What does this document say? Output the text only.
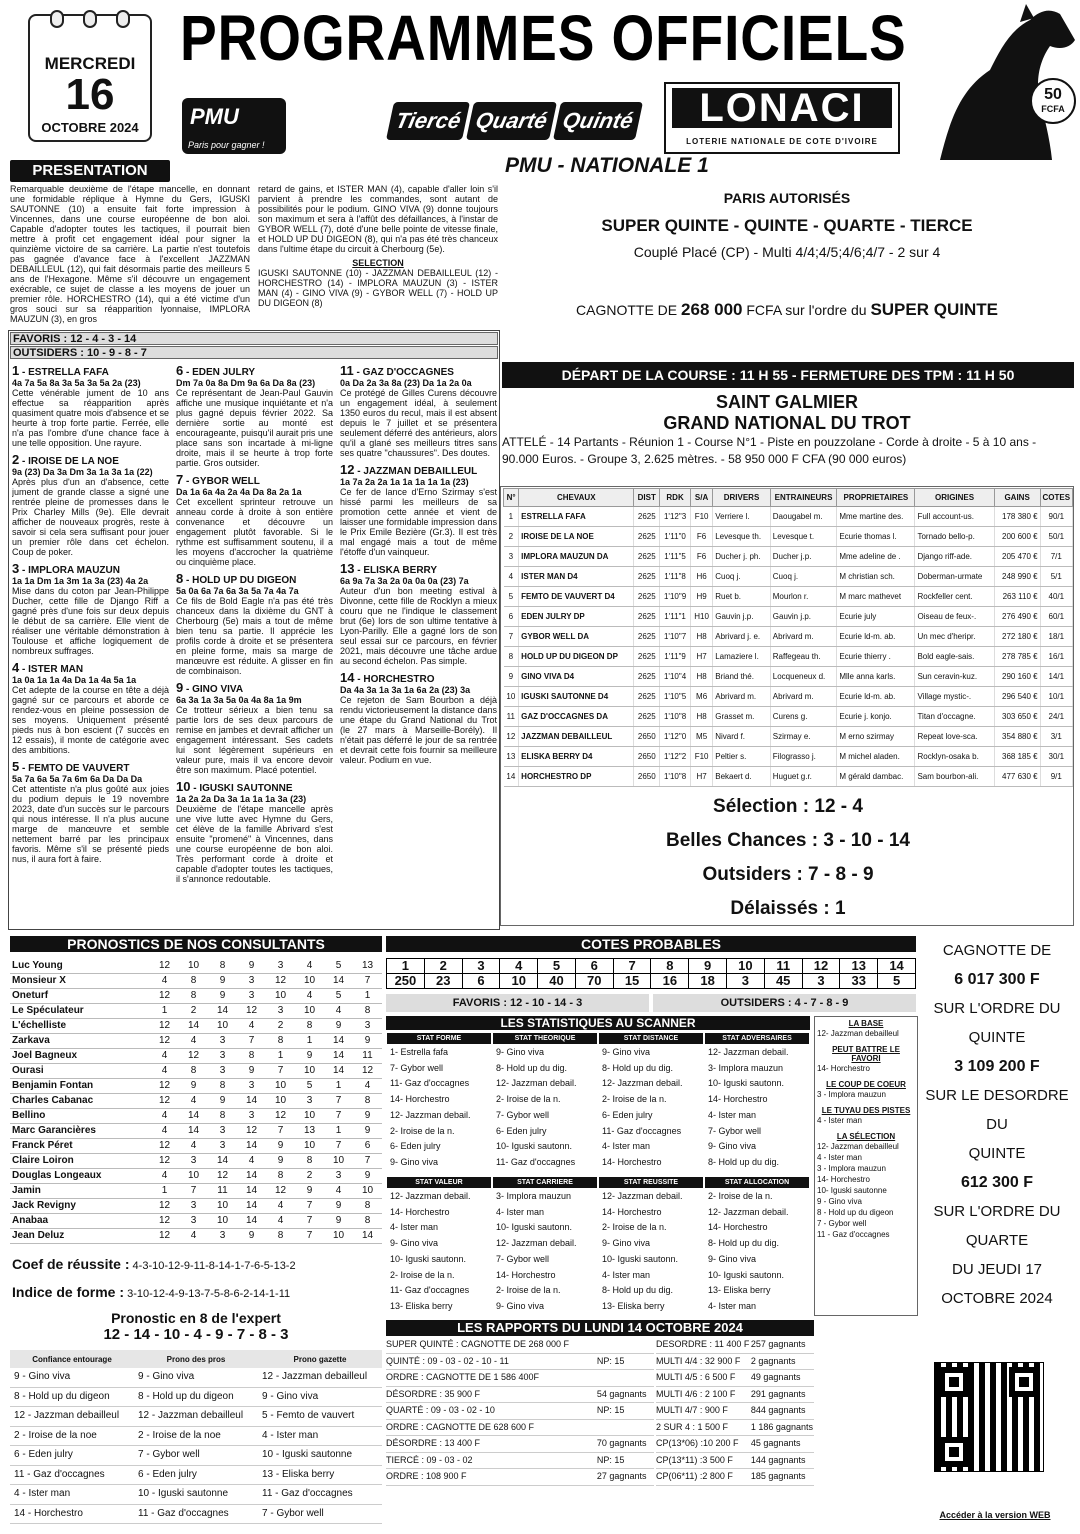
MERCREDI
16
OCTOBRE 2024
PROGRAMMES OFFICIELS
PMU
Paris pour gagner !
Tiercé Quarté Quinté	LONACI
LOTERIE NATIONALE DE COTE D'IVOIRE
50
FCFA
PRESENTATION
Remarquable deuxième de l'étape mancelle, en donnant une formidable réplique à Hymne du Gers, IGUSKI SAUTONNE (10) a ensuite fait forte impression à Vincennes, dans une course européenne de bon aloi. Capable d'adopter toutes les tactiques, il pourrait bien mettre à profit cet engagement idéal pour signer la quinzième victoire de sa carrière. La partie n'est toutefois pas gagnée d'avance face à l'excellent JAZZMAN DEBAILLEUL (12), qui fait désormais partie des meilleurs 5 ans de l'Hexagone. Même s'il découvre un engagement exécrable, ce sujet de classe a les moyens de jouer un premier rôle. HORCHESTRO (14), qui a été victime d'un gros souci sur sa réapparition lyonnaise, IMPLORA MAUZUN (3), en gros
retard de gains, et ISTER MAN (4), capable d'aller loin s'il parvient à prendre les commandes, sont autant de possibilités pour le podium. GINO VIVA (9) donne toujours son maximum et sera à l'affût des défaillances, à l'instar de GYBOR WELL (7), doté d'une belle pointe de vitesse finale, et HOLD UP DU DIGEON (8), qui n'a pas été très chanceux dans l'ultime étape du circuit à Cherbourg (5e).
SELECTION
IGUSKI SAUTONNE (10) - JAZZMAN DEBAILLEUL (12) - HORCHESTRO (14) - IMPLORA MAUZUN (3) - ISTER MAN (4) - GINO VIVA (9) - GYBOR WELL (7) - HOLD UP DU DIGEON (8)
PMU - NATIONALE 1
PARIS AUTORISÉS
SUPER QUINTE - QUINTE - QUARTE - TIERCE
Couplé Placé (CP) - Multi 4/4;4/5;4/6;4/7 - 2 sur 4
CAGNOTTE DE 268 000 FCFA sur l'ordre du SUPER QUINTE
DÉPART DE LA COURSE : 11 H 55 - FERMETURE DES TPM : 11 H 50
SAINT GALMIER
GRAND NATIONAL DU TROT
ATTELÉ - 14 Partants - Réunion 1 - Course N°1 - Piste en pouzzolane - Corde à droite - 5 à 10 ans - 90.000 Euros. - Groupe 3, 2.625 mètres. - 58 950 000 F CFA (90 000 euros)
N°	CHEVAUX	DIST	RDK	S/A	DRIVERS	ENTRAINEURS	PROPRIETAIRES	ORIGINES	GAINS	COTES
1	ESTRELLA FAFA	2625	1'12"3	F10	Verriere l.	Daougabel m.	Mme martine des.	Full account-us.	178 380 €	90/1
2	IROISE DE LA NOE	2625	1'11"0	F6	Levesque th.	Levesque t.	Ecurie thomas l.	Tornado bello-p.	200 600 €	50/1
3	IMPLORA MAUZUN DA	2625	1'11"5	F6	Ducher j. ph.	Ducher j.p.	Mme adeline de .	Django riff-ade.	205 470 €	7/1
4	ISTER MAN D4	2625	1'11"8	H6	Cuoq j.	Cuoq j.	M christian sch.	Doberman-urmate	248 990 €	5/1
5	FEMTO DE VAUVERT D4	2625	1'10"9	H9	Ruet b.	Mourlon r.	M marc mathevet	Rockfeller cent.	263 110 €	40/1
6	EDEN JULRY DP	2625	1'11"1	H10	Gauvin j.p.	Gauvin j.p.	Ecurie july	Oiseau de feux-.	276 490 €	60/1
7	GYBOR WELL DA	2625	1'10"7	H8	Abrivard j. e.	Abrivard m.	Ecurie ld-m. ab.	Un mec d'heripr.	272 180 €	18/1
8	HOLD UP DU DIGEON DP	2625	1'11"9	H7	Lamaziere l.	Raffegeau th.	Ecurie thierry .	Bold eagle-sais.	278 785 €	16/1
9	GINO VIVA D4	2625	1'10"4	H8	Briand thé.	Locqueneux d.	Mlle anna karls.	Sun ceravin-kuz.	290 160 €	14/1
10	IGUSKI SAUTONNE D4	2625	1'10"5	M6	Abrivard m.	Abrivard m.	Ecurie ld-m. ab.	Village mystic-.	296 540 €	10/1
11	GAZ D'OCCAGNES DA	2625	1'10"8	H8	Grasset m.	Curens g.	Ecurie j. konjo.	Titan d'occagne.	303 650 €	24/1
12	JAZZMAN DEBAILLEUL	2650	1'12"0	M5	Nivard f.	Szirmay e.	M erno szirmay	Repeat love-sca.	354 880 €	3/1
13	ELISKA BERRY D4	2650	1'12"2	F10	Peltier s.	Filograsso j.	M michel aladen.	Rocklyn-osaka b.	368 185 €	30/1
14	HORCHESTRO DP	2650	1'10"8	H7	Bekaert d.	Huguet g.r.	M gérald dambac.	Sam bourbon-ali.	477 630 €	9/1
Sélection : 12 - 4
Belles Chances : 3 - 10 - 14
Outsiders : 7 - 8 - 9
Délaissés : 1
FAVORIS : 12 - 4 - 3 - 14
OUTSIDERS : 10 - 9 - 8 - 7
1 - ESTRELLA FAFA
4a 7a 5a 8a 3a 5a 3a 5a 2a (23)
Cette vénérable jument de 10 ans effectue sa réapparition après quasiment quatre mois d'absence et se heurte à trop forte partie. Ferrée, elle n'a pas l'ombre d'une chance face à une telle opposition. Une rayure.
2 - IROISE DE LA NOE
9a (23) Da 3a Dm 3a 1a 3a 1a (22)
Après plus d'un an d'absence, cette jument de grande classe a signé une rentrée pleine de promesses dans le Prix Charley Mills (9e). Elle devrait afficher de nouveaux progrès, reste à savoir si cela sera suffisant pour jouer un premier rôle dans cet échelon. Coup de poker.
3 - IMPLORA MAUZUN
1a 1a Dm 1a 3m 1a 3a (23) 4a 2a
Mise dans du coton par Jean-Philippe Ducher, cette fille de Django Riff a gagné près d'une fois sur deux depuis le début de sa carrière. Elle vient de réaliser une véritable démonstration à Toulouse et affiche logiquement de nombreux suffrages.
4 - ISTER MAN
1a 0a 1a 1a 4a Da 1a 4a 5a 1a
Cet adepte de la course en tête a déjà gagné sur ce parcours et aborde ce rendez-vous en pleine possession de ses moyens. Uniquement présenté pieds nus à bon escient (7 succès en 12 essais), il monte de catégorie avec des ambitions.
5 - FEMTO DE VAUVERT
5a 7a 6a 5a 7a 6m 6a Da Da Da
Cet attentiste n'a plus goûté aux joies du podium depuis le 19 novembre 2023, date d'un succès sur le parcours qui nous intéresse. Il n'a plus aucune marge de manœuvre et semble nettement barré par les principaux favoris. Même s'il se présenté pieds nus, il aura fort à faire.
6 - EDEN JULRY
Dm 7a 0a 8a Dm 9a 6a Da 8a (23)
Ce représentant de Jean-Paul Gauvin affiche une musique inquiétante et n'a plus gagné depuis février 2022. Sa dernière sortie au monté est encourageante, puisqu'il aurait pris une place sans son incartade à mi-ligne droite, mais il se heurte à trop forte partie. Gros outsider.
7 - GYBOR WELL
Da 1a 6a 4a 2a 4a Da 8a 2a 1a
Cet excellent sprinteur retrouve un anneau corde à droite à son entière convenance et découvre un engagement plutôt favorable. Si le rythme est suffisamment soutenu, il a les moyens d'accrocher la quatrième ou cinquième place.
8 - HOLD UP DU DIGEON
5a 0a 6a 7a 6a 3a 5a 7a 4a 7a
Ce fils de Bold Eagle n'a pas été très chanceux dans la dixième du GNT à Cherbourg (5e) mais a tout de même bien tenu sa partie. Il apprécie les profils corde à droite et se présentera en pleine forme, mais sa marge de manœuvre est réduite. A glisser en fin de combinaison.
9 - GINO VIVA
6a 3a 1a 3a 5a 0a 4a 8a 1a 9m
Ce trotteur sérieux a bien tenu sa partie lors de ses deux parcours de remise en jambes et devrait afficher un engagement intéressant. Ses cadets lui sont légèrement supérieurs en valeur pure, mais il va encore devoir être son maximum. Placé potentiel.
10 - IGUSKI SAUTONNE
1a 2a 2a Da 3a 1a 1a 1a 3a (23)
Deuxième de l'étape mancelle après une vive lutte avec Hymne du Gers, cet élève de la famille Abrivard s'est ensuite "promené" à Vincennes, dans une course européenne de bon aloi. Très performant corde à droite et capable d'adopter toutes les tactiques, il s'annonce redoutable.
11 - GAZ D'OCCAGNES
0a Da 2a 3a 8a (23) Da 1a 2a 0a
Ce protégé de Gilles Curens découvre un engagement idéal, à seulement 1350 euros du recul, mais il est absent depuis le 7 juillet et se présentera seulement déferré des antérieurs, alors qu'il a glané ses meilleurs titres sans ses quatre "chaussures". Des doutes.
12 - JAZZMAN DEBAILLEUL
1a 7a 2a 2a 1a 1a 1a 1a 1a (23)
Ce fer de lance d'Erno Szirmay s'est hissé parmi les meilleurs de sa promotion cette année et vient de laisser une formidable impression dans le Prix Emile Bezière (Gr.3). Il est très mal engagé mais a tout de même l'étoffe d'un vainqueur.
13 - ELISKA BERRY
6a 9a 7a 3a 2a 0a 0a 0a (23) 7a
Auteur d'un bon meeting estival à Divonne, cette fille de Rocklyn a mieux couru que ne l'indique le classement brut (6e) lors de son ultime tentative à Lyon-Parilly. Elle a gagné lors de son seul essai sur ce parcours, en février 2021, mais découvre une tâche ardue au second échelon. Pas simple.
14 - HORCHESTRO
Da 4a 3a 1a 3a 1a 6a 2a (23) 3a
Ce rejeton de Sam Bourbon a déjà rendu victorieusement la distance dans une étape du Grand National du Trot (le 27 mars à Marseille-Borély). Il n'était pas déferré le jour de sa rentrée et devrait cette fois fournir sa meilleure valeur. Podium en vue.
PRONOSTICS DE NOS CONSULTANTS
Luc Young	12	10	8	9	3	4	5	13
Monsieur X	4	8	9	3	12	10	14	7
Oneturf	12	8	9	3	10	4	5	1
Le Spéculateur	1	2	14	12	3	10	4	8
L'échelliste	12	14	10	4	2	8	9	3
Zarkava	12	4	3	7	8	1	14	9
Joel Bagneux	4	12	3	8	1	9	14	11
Ourasi	4	8	3	9	7	10	14	12
Benjamin Fontan	12	9	8	3	10	5	1	4
Charles Cabanac	12	4	9	14	10	3	7	8
Bellino	4	14	8	3	12	10	7	9
Marc Garancières	4	14	3	12	7	13	1	9
Franck Péret	12	4	3	14	9	10	7	6
Claire Loiron	12	3	14	4	9	8	10	7
Douglas Longeaux	4	10	12	14	8	2	3	9
Jamin	1	7	11	14	12	9	4	10
Jack Revigny	12	3	10	14	4	7	9	8
Anabaa	12	3	10	14	4	7	9	8
Jean Deluz	12	4	3	9	8	7	10	14
Coef de réussite : 4-3-10-12-9-11-8-14-1-7-6-5-13-2
Indice de forme : 3-10-12-4-9-13-7-5-8-6-2-14-1-11
Pronostic en 8 de l'expert
12 - 14 - 10 - 4 - 9 - 7 - 8 - 3
Confiance entourage	Prono des pros	Prono gazette
9 - Gino viva	9 - Gino viva	12 - Jazzman debailleul
8 - Hold up du digeon	8 - Hold up du digeon	9 - Gino viva
12 - Jazzman debailleul	12 - Jazzman debailleul	5 - Femto de vauvert
2 - Iroise de la noe	2 - Iroise de la noe	4 - Ister man
6 - Eden julry	7 - Gybor well	10 - Iguski sautonne
11 - Gaz d'occagnes	6 - Eden julry	13 - Eliska berry
4 - Ister man	10 - Iguski sautonne	11 - Gaz d'occagnes
14 - Horchestro	11 - Gaz d'occagnes	7 - Gybor well
COTES PROBABLES
1	2	3	4	5	6	7	8	9	10	11	12	13	14
250	23	6	10	40	70	15	16	18	3	45	3	33	5
FAVORIS : 12 - 10 - 14 - 3	OUTSIDERS : 4 - 7 - 8 - 9
LES STATISTIQUES AU SCANNER
STAT FORME	STAT THEORIQUE	STAT DISTANCE	STAT ADVERSAIRES
1- Estrella fafa	9- Gino viva	9- Gino viva	12- Jazzman debail.
7- Gybor well	8- Hold up du dig.	8- Hold up du dig.	3- Implora mauzun
11- Gaz d'occagnes	12- Jazzman debail.	12- Jazzman debail.	10- Iguski sautonn.
14- Horchestro	2- Iroise de la n.	2- Iroise de la n.	14- Horchestro
12- Jazzman debail.	7- Gybor well	6- Eden julry	4- Ister man
2- Iroise de la n.	6- Eden julry	11- Gaz d'occagnes	7- Gybor well
6- Eden julry	10- Iguski sautonn.	4- Ister man	9- Gino viva
9- Gino viva	11- Gaz d'occagnes	14- Horchestro	8- Hold up du dig.
STAT VALEUR	STAT CARRIERE	STAT REUSSITE	STAT ALLOCATION
12- Jazzman debail.	3- Implora mauzun	12- Jazzman debail.	2- Iroise de la n.
14- Horchestro	4- Ister man	14- Horchestro	12- Jazzman debail.
4- Ister man	10- Iguski sautonn.	2- Iroise de la n.	14- Horchestro
9- Gino viva	12- Jazzman debail.	9- Gino viva	8- Hold up du dig.
10- Iguski sautonn.	7- Gybor well	10- Iguski sautonn.	9- Gino viva
2- Iroise de la n.	14- Horchestro	4- Ister man	10- Iguski sautonn.
11- Gaz d'occagnes	2- Iroise de la n.	8- Hold up du dig.	13- Eliska berry
13- Eliska berry	9- Gino viva	13- Eliska berry	4- Ister man
LA BASE
12- Jazzman debailleul
PEUT BATTRE LE FAVORI
14- Horchestro
LE COUP DE COEUR
3 - Implora mauzun
LE TUYAU DES PISTES
4 - Ister man
LA SÉLECTION
12- Jazzman debailleul
4 - Ister man
3 - Implora mauzun
14- Horchestro
10- Iguski sautonne
9 - Gino viva
8 - Hold up du digeon
7 - Gybor well
11 - Gaz d'occagnes
LES RAPPORTS DU LUNDI 14 OCTOBRE 2024
SUPER QUINTÉ : CAGNOTTE DE 268 000 F	
QUINTÉ : 09 - 03 - 02 - 10 - 11	NP: 15
ORDRE : CAGNOTTE DE 1 586 400F	
DÉSORDRE : 35 900 F	54 gagnants
QUARTÉ : 09 - 03 - 02 - 10	NP: 15
ORDRE : CAGNOTTE DE 628 600 F	
DÉSORDRE : 13 400 F	70 gagnants
TIERCÉ : 09 - 03 - 02	NP: 15
ORDRE : 108 900 F	27 gagnants
DESORDRE : 11 400 F	257 gagnants
MULTI 4/4 : 32 900 F	2 gagnants
MULTI 4/5 : 6 500 F	49 gagnants
MULTI 4/6 : 2 100 F	291 gagnants
MULTI 4/7 : 900 F	844 gagnants
2 SUR 4 : 1 500 F	1 186 gagnants
CP(13*06) :10 200 F	45 gagnants
CP(13*11) :3 500 F	144 gagnants
CP(06*11) :2 800 F	185 gagnants
CAGNOTTE DE
6 017 300 F
SUR L'ORDRE DU
QUINTE
3 109 200 F
SUR LE DESORDRE DU
QUINTE
612 300 F
SUR L'ORDRE DU
QUARTE
DU JEUDI 17
OCTOBRE 2024
Accéder à la version WEB
